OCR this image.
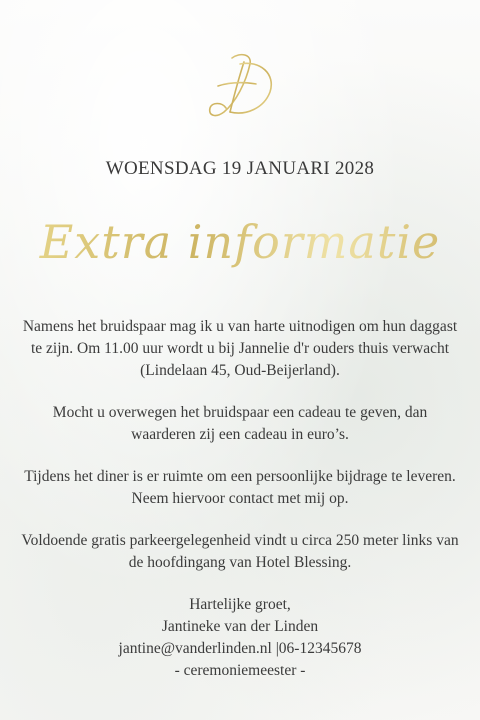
WOENSDAG 19 JANUARI 2028
Extra informatie

Namens het bruidspaar mag ik u van harte uitnodigen om hun daggast te zijn. Om 11.00 uur wordt u bij Jannelie d'r ouders thuis verwacht (Lindelaan 45, Oud-Beijerland).

Mocht u overwegen het bruidspaar een cadeau te geven, dan waarderen zij een cadeau in euro’s.

Tijdens het diner is er ruimte om een persoonlijke bijdrage te leveren. Neem hiervoor contact met mij op.

Voldoende gratis parkeergelegenheid vindt u circa 250 meter links van de hoofdingang van Hotel Blessing.

Hartelijke groet,
Jantineke van der Linden
jantine@vanderlinden.nl |06-12345678
- ceremoniemeester -
